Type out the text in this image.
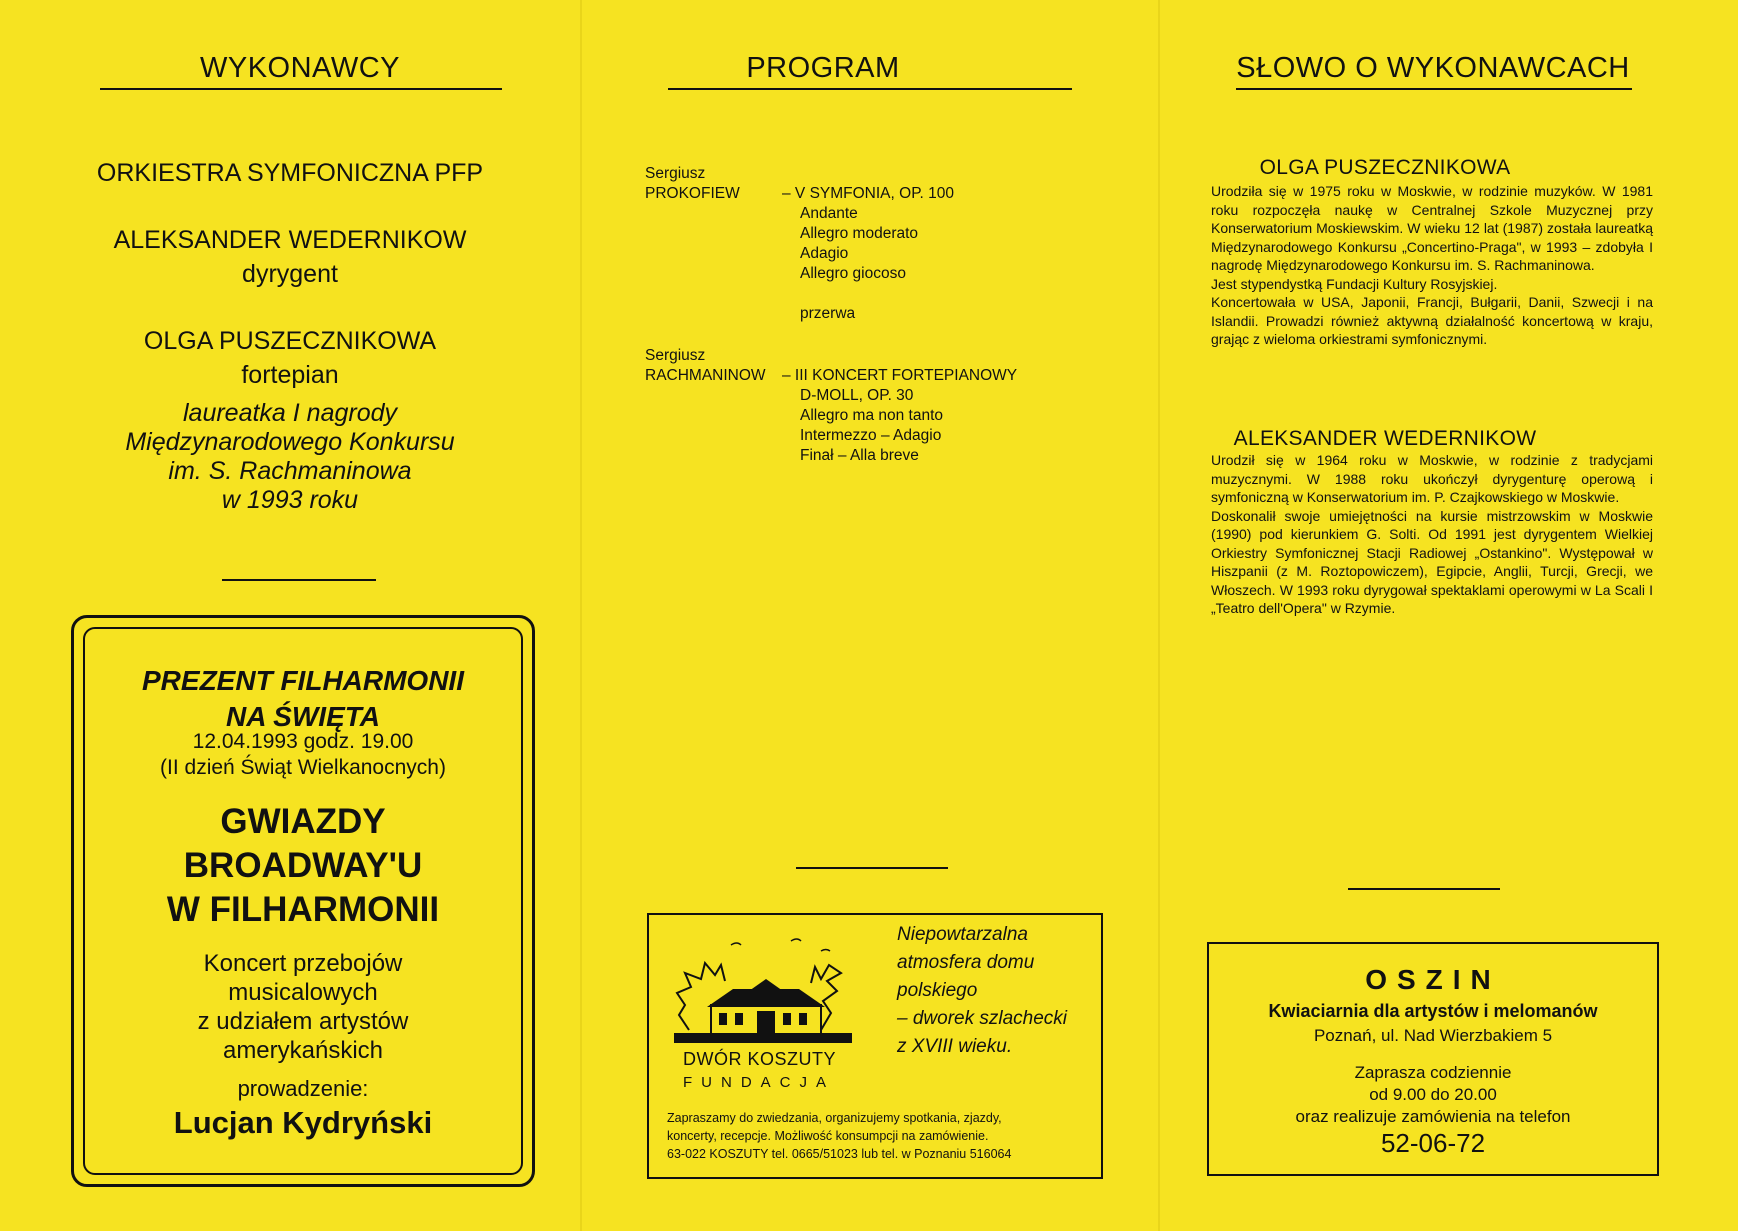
WYKONAWCY
ORKIESTRA SYMFONICZNA PFP
ALEKSANDER WEDERNIKOW
dyrygent
OLGA PUSZECZNIKOWA
fortepian
laureatka I nagrody
Międzynarodowego Konkursu
im. S. Rachmaninowa
w 1993 roku
PREZENT FILHARMONII
NA ŚWIĘTA
12.04.1993 godz. 19.00
(II dzień Świąt Wielkanocnych)
GWIAZDY
BROADWAY'U
W FILHARMONII
Koncert przebojów
musicalowych
z udziałem artystów
amerykańskich
prowadzenie:
Lucjan Kydryński
PROGRAM
Sergiusz
PROKOFIEW	– V SYMFONIA, OP. 100
Andante
Allegro moderato
Adagio
Allegro giocoso
przerwa
Sergiusz
RACHMANINOW – III KONCERT FORTEPIANOWY
D-MOLL, OP. 30
Allegro ma non tanto
Intermezzo – Adagio
Finał – Alla breve
DWÓR KOSZUTY
FUNDACJA
Niepowtarzalna
atmosfera domu
polskiego
– dworek szlachecki
z XVIII wieku.
Zapraszamy do zwiedzania, organizujemy spotkania, zjazdy,
koncerty, recepcje. Możliwość konsumpcji na zamówienie.
63-022 KOSZUTY tel. 0665/51023 lub tel. w Poznaniu 516064
SŁOWO O WYKONAWCACH
OLGA PUSZECZNIKOWA

Urodziła się w 1975 roku w Moskwie, w rodzinie muzyków. W 1981 roku rozpoczęła naukę w Centralnej Szkole Muzycznej przy Konserwatorium Moskiewskim. W wieku 12 lat (1987) została laureatką Międzynarodowego Konkursu „Concertino-Praga", w 1993 – zdobyła I nagrodę Międzynarodowego Konkursu im. S. Rachmaninowa.

Jest stypendystką Fundacji Kultury Rosyjskiej.

Koncertowała w USA, Japonii, Francji, Bułgarii, Danii, Szwecji i na Islandii. Prowadzi również aktywną działalność koncertową w kraju, grając z wieloma orkiestrami symfonicznymi.

ALEKSANDER WEDERNIKOW

Urodził się w 1964 roku w Moskwie, w rodzinie z tradycjami muzycznymi. W 1988 roku ukończył dyrygenturę operową i symfoniczną w Konserwatorium im. P. Czajkowskiego w Moskwie.

Doskonalił swoje umiejętności na kursie mistrzowskim w Moskwie (1990) pod kierunkiem G. Solti. Od 1991 jest dyrygentem Wielkiej Orkiestry Symfonicznej Stacji Radiowej „Ostankino". Występował w Hiszpanii (z M. Roztopowiczem), Egipcie, Anglii, Turcji, Grecji, we Włoszech. W 1993 roku dyrygował spektaklami operowymi w La Scali I „Teatro dell'Opera" w Rzymie.

OSZIN
Kwiaciarnia dla artystów i melomanów
Poznań, ul. Nad Wierzbakiem 5
Zaprasza codziennie
od 9.00 do 20.00
oraz realizuje zamówienia na telefon
52-06-72
